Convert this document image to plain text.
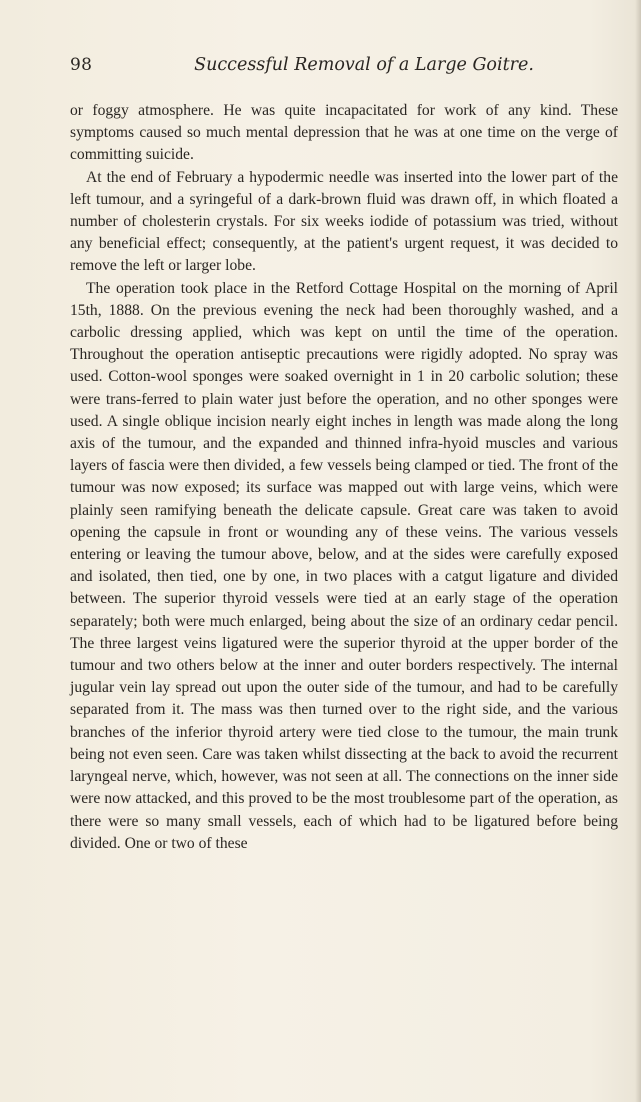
98	Successful Removal of a Large Goitre.

or foggy atmosphere. He was quite incapacitated for work of any kind. These symptoms caused so much mental depression that he was at one time on the verge of committing suicide.

At the end of February a hypodermic needle was inserted into the lower part of the left tumour, and a syringeful of a dark-brown fluid was drawn off, in which floated a number of cholesterin crystals. For six weeks iodide of potassium was tried, without any beneficial effect; consequently, at the patient's urgent request, it was decided to remove the left or larger lobe.

The operation took place in the Retford Cottage Hospital on the morning of April 15th, 1888. On the previous evening the neck had been thoroughly washed, and a carbolic dressing applied, which was kept on until the time of the operation. Throughout the operation antiseptic precautions were rigidly adopted. No spray was used. Cotton-wool sponges were soaked overnight in 1 in 20 carbolic solution; these were trans-ferred to plain water just before the operation, and no other sponges were used. A single oblique incision nearly eight inches in length was made along the long axis of the tumour, and the expanded and thinned infra-hyoid muscles and various layers of fascia were then divided, a few vessels being clamped or tied. The front of the tumour was now exposed; its surface was mapped out with large veins, which were plainly seen ramifying beneath the delicate capsule. Great care was taken to avoid opening the capsule in front or wounding any of these veins. The various vessels entering or leaving the tumour above, below, and at the sides were carefully exposed and isolated, then tied, one by one, in two places with a catgut ligature and divided between. The superior thyroid vessels were tied at an early stage of the operation separately; both were much enlarged, being about the size of an ordinary cedar pencil. The three largest veins ligatured were the superior thyroid at the upper border of the tumour and two others below at the inner and outer borders respectively. The internal jugular vein lay spread out upon the outer side of the tumour, and had to be carefully separated from it. The mass was then turned over to the right side, and the various branches of the inferior thyroid artery were tied close to the tumour, the main trunk being not even seen. Care was taken whilst dissecting at the back to avoid the recurrent laryngeal nerve, which, however, was not seen at all. The connections on the inner side were now attacked, and this proved to be the most troublesome part of the operation, as there were so many small vessels, each of which had to be ligatured before being divided. One or two of these
